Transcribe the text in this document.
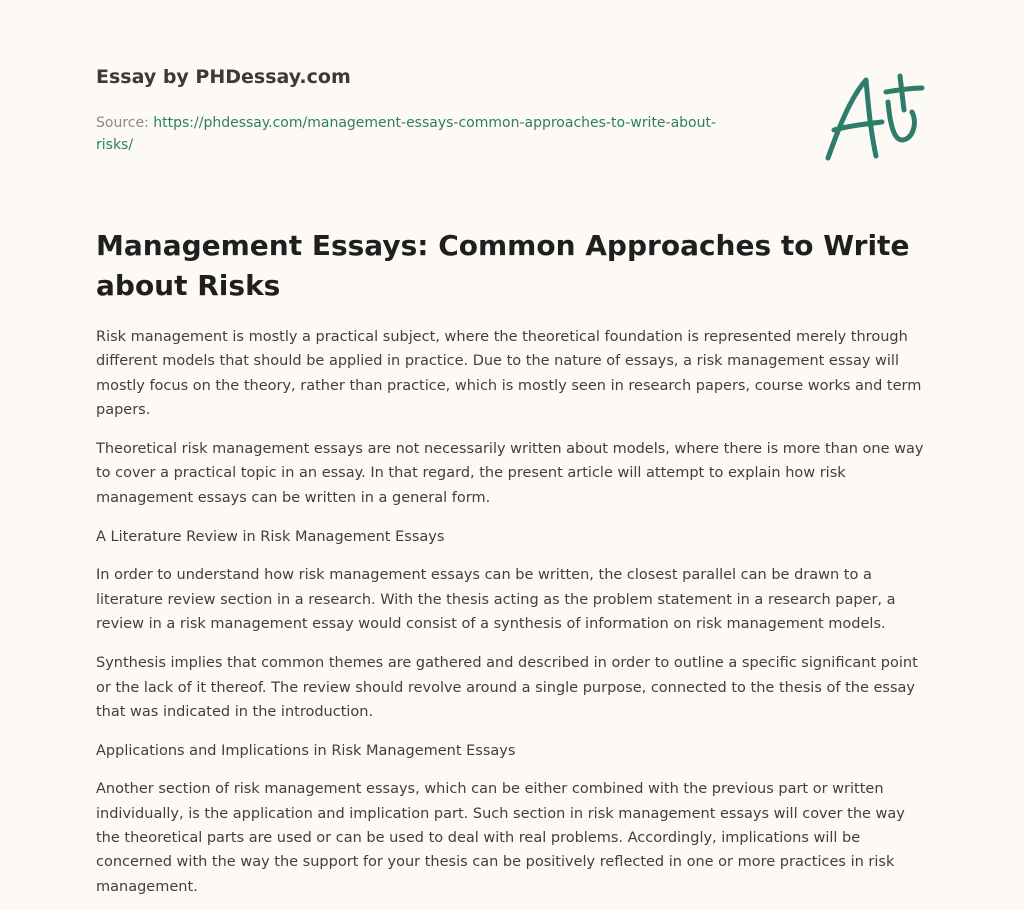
Essay by PHDessay.com
Source: https://phdessay.com/management-essays-common-approaches-to-write-about-risks/
Management Essays: Common Approaches to Write about Risks

Risk management is mostly a practical subject, where the theoretical foundation is represented merely through different models that should be applied in practice. Due to the nature of essays, a risk management essay will mostly focus on the theory, rather than practice, which is mostly seen in research papers, course works and term papers.

Theoretical risk management essays are not necessarily written about models, where there is more than one way to cover a practical topic in an essay. In that regard, the present article will attempt to explain how risk management essays can be written in a general form.

A Literature Review in Risk Management Essays

In order to understand how risk management essays can be written, the closest parallel can be drawn to a literature review section in a research. With the thesis acting as the problem statement in a research paper, a review in a risk management essay would consist of a synthesis of information on risk management models.

Synthesis implies that common themes are gathered and described in order to outline a specific significant point or the lack of it thereof. The review should revolve around a single purpose, connected to the thesis of the essay that was indicated in the introduction.

Applications and Implications in Risk Management Essays

Another section of risk management essays, which can be either combined with the previous part or written individually, is the application and implication part. Such section in risk management essays will cover the way the theoretical parts are used or can be used to deal with real problems. Accordingly, implications will be concerned with the way the support for your thesis can be positively reflected in one or more practices in risk management.
